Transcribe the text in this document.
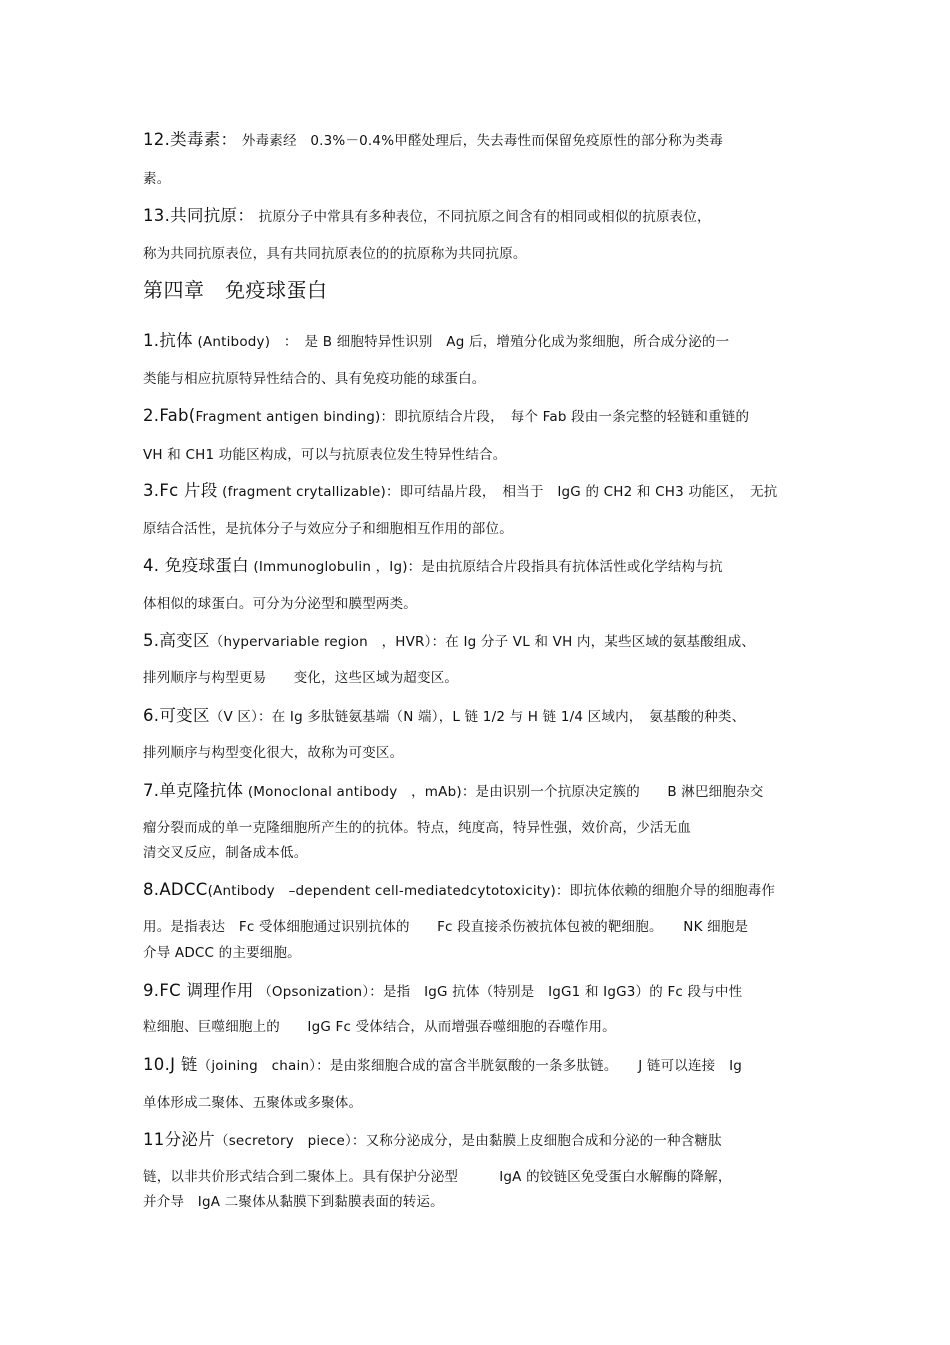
12.类毒素： 外毒素经　0.3%－0.4%甲醛处理后，失去毒性而保留免疫原性的部分称为类毒
素。
13.共同抗原： 抗原分子中常具有多种表位，不同抗原之间含有的相同或相似的抗原表位，
称为共同抗原表位，具有共同抗原表位的的抗原称为共同抗原。
第四章　免疫球蛋白
1.抗体 (Antibody)　：　是 B 细胞特异性识别　Ag 后，增殖分化成为浆细胞，所合成分泌的一
类能与相应抗原特异性结合的、具有免疫功能的球蛋白。
2.Fab(Fragment antigen binding)：即抗原结合片段，　每个 Fab 段由一条完整的轻链和重链的
VH 和 CH1 功能区构成，可以与抗原表位发生特异性结合。
3.Fc 片段 (fragment crytallizable)：即可结晶片段，　相当于　IgG 的 CH2 和 CH3 功能区，　无抗
原结合活性，是抗体分子与效应分子和细胞相互作用的部位。
4. 免疫球蛋白 (Immunoglobulin ，Ig)：是由抗原结合片段指具有抗体活性或化学结构与抗
体相似的球蛋白。可分为分泌型和膜型两类。
5.高变区（hypervariable region　，HVR）：在 Ig 分子 VL 和 VH 内，某些区域的氨基酸组成、
排列顺序与构型更易　　变化，这些区域为超变区。
6.可变区（V 区）：在 Ig 多肽链氨基端（N 端），L 链 1/2 与 H 链 1/4 区域内，　氨基酸的种类、
排列顺序与构型变化很大，故称为可变区。
7.单克隆抗体 (Monoclonal antibody　，mAb)：是由识别一个抗原决定簇的　　B 淋巴细胞杂交
瘤分裂而成的单一克隆细胞所产生的的抗体。特点，纯度高，特异性强，效价高，少活无血
清交叉反应，制备成本低。
8.ADCC(Antibody　–dependent cell-mediatedcytotoxicity)：即抗体依赖的细胞介导的细胞毒作
用。是指表达　Fc 受体细胞通过识别抗体的　　Fc 段直接杀伤被抗体包被的靶细胞。　　NK 细胞是
介导 ADCC 的主要细胞。
9.FC 调理作用 （Opsonization）：是指　IgG 抗体（特别是　IgG1 和 IgG3）的 Fc 段与中性
粒细胞、巨噬细胞上的　　IgG Fc 受体结合，从而增强吞噬细胞的吞噬作用。
10.J 链（joining　chain）：是由浆细胞合成的富含半胱氨酸的一条多肽链。　　J 链可以连接　Ig
单体形成二聚体、五聚体或多聚体。
11分泌片（secretory　piece）：又称分泌成分，是由黏膜上皮细胞合成和分泌的一种含糖肽
链，以非共价形式结合到二聚体上。具有保护分泌型　　　IgA 的铰链区免受蛋白水解酶的降解，
并介导　IgA 二聚体从黏膜下到黏膜表面的转运。
